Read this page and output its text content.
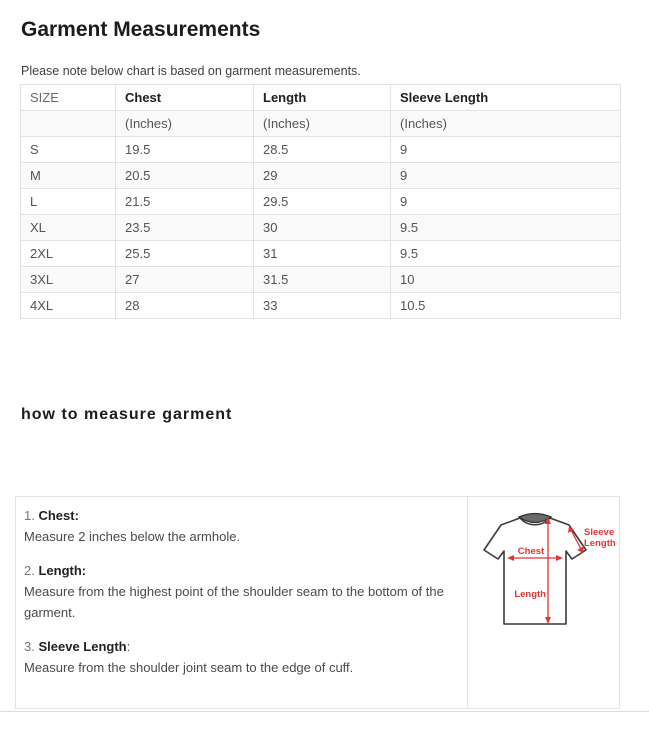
Garment Measurements

Please note below chart is based on garment measurements.

SIZE	Chest	Length	Sleeve Length
	(Inches)	(Inches)	(Inches)
S	19.5	28.5	9
M	20.5	29	9
L	21.5	29.5	9
XL	23.5	30	9.5
2XL	25.5	31	9.5
3XL	27	31.5	10
4XL	28	33	10.5
how to measure garment
1. Chest:
Measure 2 inches below the armhole.
2. Length:
Measure from the highest point of the shoulder seam to the bottom of the garment.
3. Sleeve Length:
Measure from the shoulder joint seam to the edge of cuff.
Chest
Length
Sleeve
Length
